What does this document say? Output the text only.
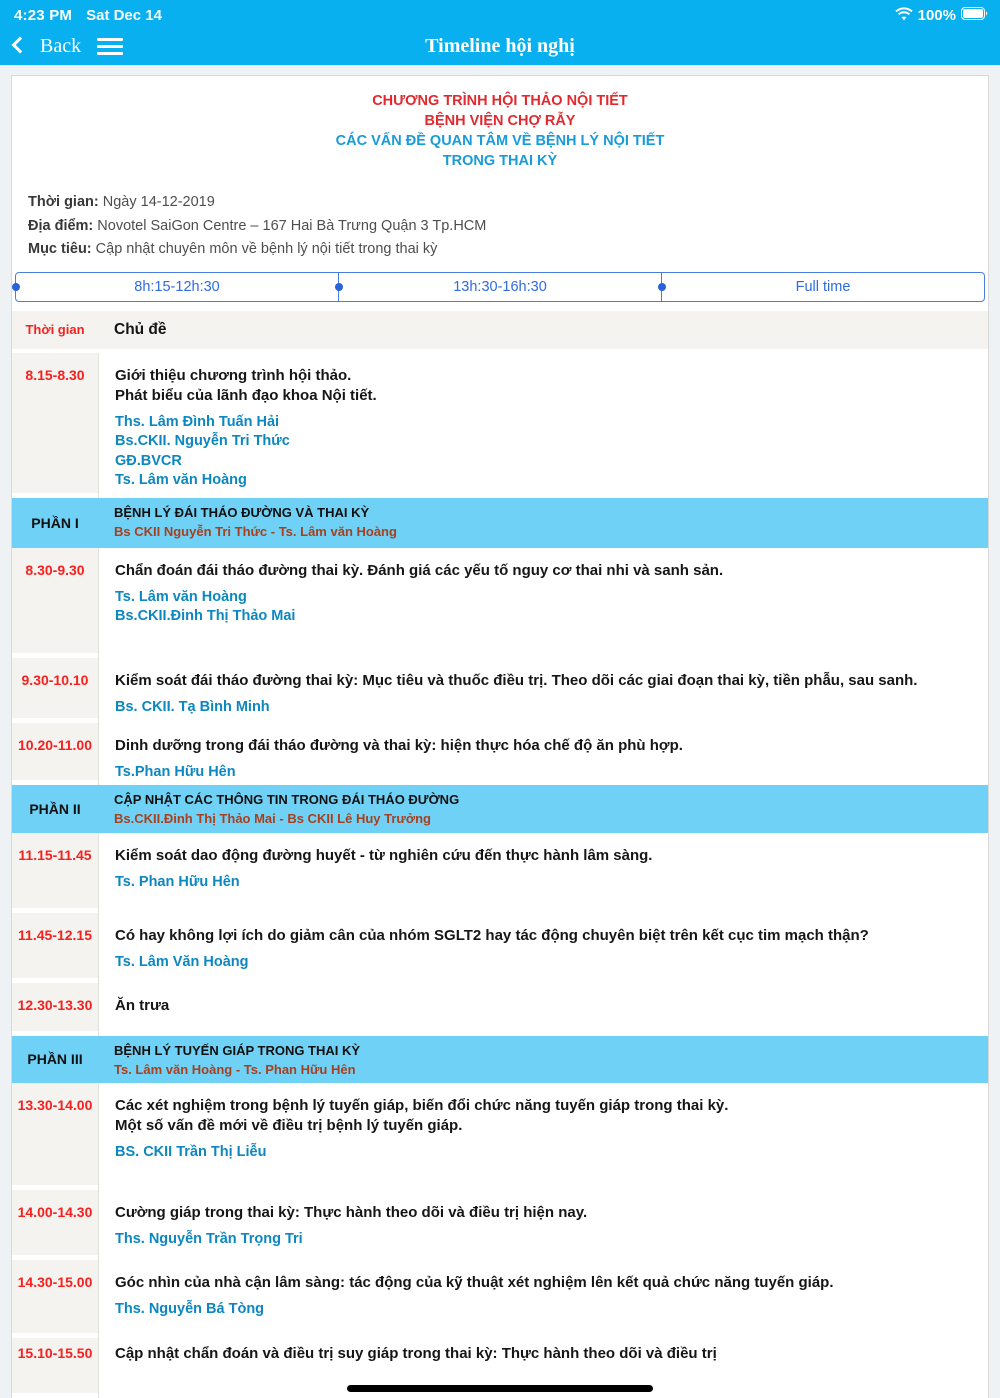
4:23 PM Sat Dec 14	100%
Timeline hội nghị
Back
CHƯƠNG TRÌNH HỘI THẢO NỘI TIẾT
BỆNH VIỆN CHỢ RẪY
CÁC VẤN ĐỀ QUAN TÂM VỀ BỆNH LÝ NỘI TIẾT
TRONG THAI KỲ
Thời gian: Ngày 14-12-2019
Địa điểm: Novotel SaiGon Centre – 167 Hai Bà Trưng Quận 3 Tp.HCM
Mục tiêu: Cập nhật chuyên môn về bệnh lý nội tiết trong thai kỳ
8h:15-12h:30	13h:30-16h:30	Full time
Thời gian	Chủ đề
8.15-8.30	Giới thiệu chương trình hội thảo.
Phát biểu của lãnh đạo khoa Nội tiết.
Ths. Lâm Đình Tuấn Hải
Bs.CKII. Nguyễn Tri Thức
GĐ.BVCR
Ts. Lâm văn Hoàng
PHẦN I
BỆNH LÝ ĐÁI THÁO ĐƯỜNG VÀ THAI KỲ
Bs CKII Nguyễn Tri Thức - Ts. Lâm văn Hoàng
8.30-9.30	Chẩn đoán đái tháo đường thai kỳ. Đánh giá các yếu tố nguy cơ thai nhi và sanh sản.
Ts. Lâm văn Hoàng
Bs.CKII.Đinh Thị Thảo Mai
9.30-10.10	Kiểm soát đái tháo đường thai kỳ: Mục tiêu và thuốc điều trị. Theo dõi các giai đoạn thai kỳ, tiền phẫu, sau sanh.
Bs. CKII. Tạ Bình Minh
10.20-11.00	Dinh dưỡng trong đái tháo đường và thai kỳ: hiện thực hóa chế độ ăn phù hợp.
Ts.Phan Hữu Hên
PHẦN II
CẬP NHẬT CÁC THÔNG TIN TRONG ĐÁI THÁO ĐƯỜNG
Bs.CKII.Đinh Thị Thảo Mai - Bs CKII Lê Huy Trưởng
11.15-11.45	Kiểm soát dao động đường huyết - từ nghiên cứu đến thực hành lâm sàng.
Ts. Phan Hữu Hên
11.45-12.15	Có hay không lợi ích do giảm cân của nhóm SGLT2 hay tác động chuyên biệt trên kết cục tim mạch thận?
Ts. Lâm Văn Hoàng
12.30-13.30	Ăn trưa
PHẦN III
BỆNH LÝ TUYẾN GIÁP TRONG THAI KỲ
Ts. Lâm văn Hoàng - Ts. Phan Hữu Hên
13.30-14.00	Các xét nghiệm trong bệnh lý tuyến giáp, biến đổi chức năng tuyến giáp trong thai kỳ.
Một số vấn đề mới về điều trị bệnh lý tuyến giáp.
BS. CKII Trần Thị Liễu
14.00-14.30	Cường giáp trong thai kỳ: Thực hành theo dõi và điều trị hiện nay.
Ths. Nguyễn Trần Trọng Tri
14.30-15.00	Góc nhìn của nhà cận lâm sàng: tác động của kỹ thuật xét nghiệm lên kết quả chức năng tuyến giáp.
Ths. Nguyễn Bá Tòng
15.10-15.50	Cập nhật chẩn đoán và điều trị suy giáp trong thai kỳ: Thực hành theo dõi và điều trị
